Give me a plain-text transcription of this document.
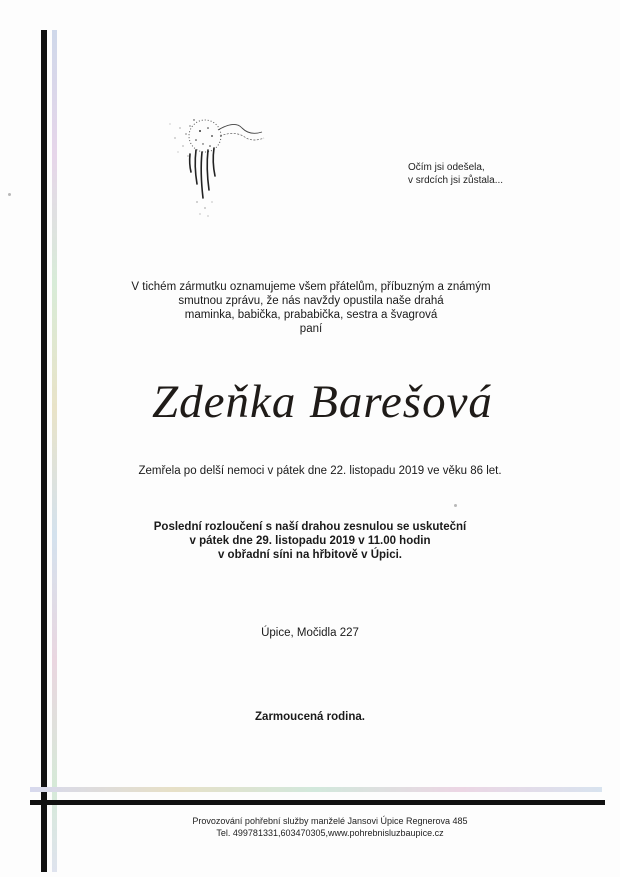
Očím jsi odešela,
v srdcích jsi zůstala...
V tichém zármutku oznamujeme všem přátelům, příbuzným a známým
smutnou zprávu, že nás navždy opustila naše drahá
maminka, babička, prababička, sestra a švagrová
paní
Zdeňka Barešová
Zemřela po delší nemoci v pátek dne 22. listopadu 2019 ve věku 86 let.
Poslední rozloučení s naší drahou zesnulou se uskuteční
v pátek dne 29. listopadu 2019 v 11.00 hodin
v obřadní síni na hřbitově v Úpici.
Úpice, Močidla 227
Zarmoucená rodina.
Provozování pohřební služby manželé Jansovi Úpice Regnerova 485
Tel. 499781331,603470305,www.pohrebnisluzbaupice.cz
